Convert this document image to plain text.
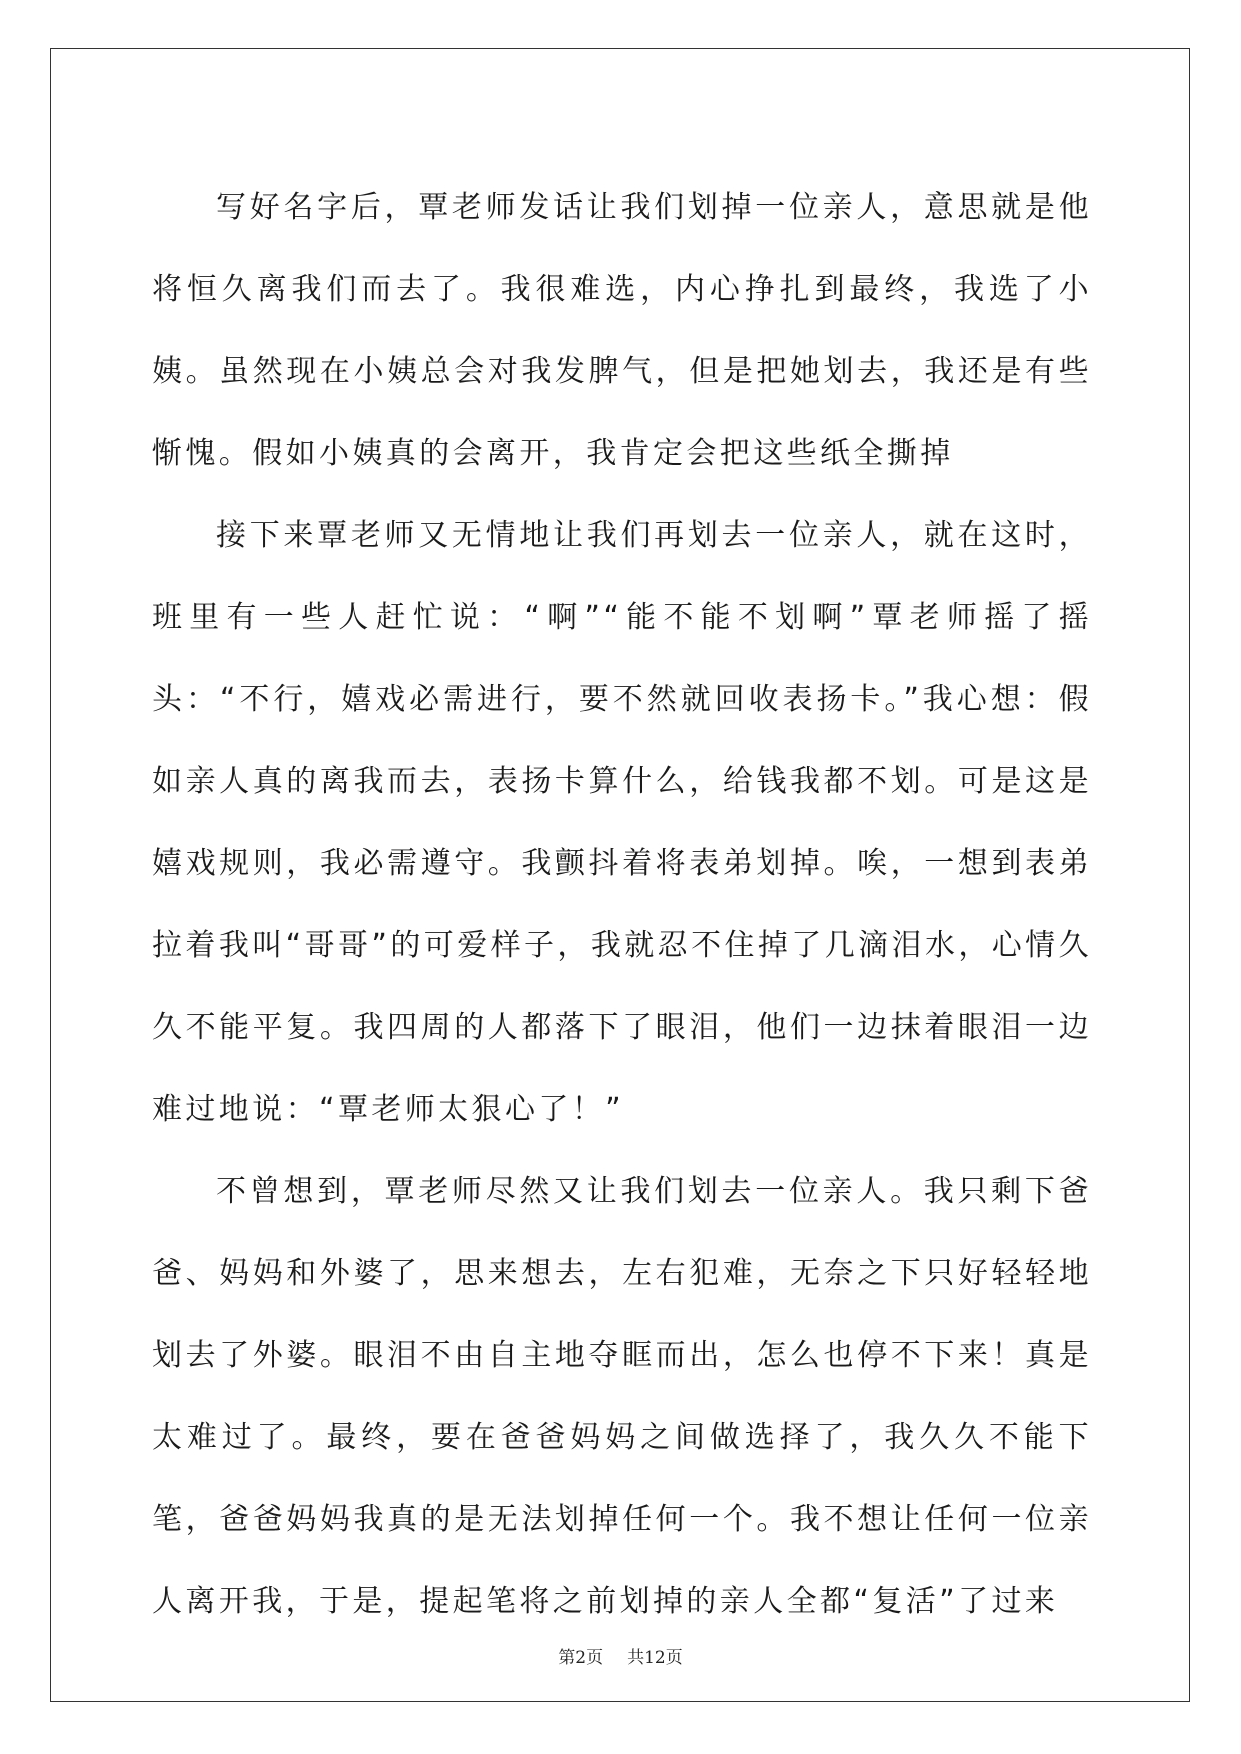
写好名字后，覃老师发话让我们划掉一位亲人，意思就是他将恒久离我们而去了。我很难选，内心挣扎到最终，我选了小姨。虽然现在小姨总会对我发脾气，但是把她划去，我还是有些惭愧。假如小姨真的会离开，我肯定会把这些纸全撕掉

接下来覃老师又无情地让我们再划去一位亲人，就在这时，班里有一些人赶忙说：“啊”“能不能不划啊”覃老师摇了摇头：“不行，嬉戏必需进行，要不然就回收表扬卡。”我心想：假如亲人真的离我而去，表扬卡算什么，给钱我都不划。可是这是嬉戏规则，我必需遵守。我颤抖着将表弟划掉。唉，一想到表弟拉着我叫“哥哥”的可爱样子，我就忍不住掉了几滴泪水，心情久久不能平复。我四周的人都落下了眼泪，他们一边抹着眼泪一边难过地说：“覃老师太狠心了！”

不曾想到，覃老师尽然又让我们划去一位亲人。我只剩下爸爸、妈妈和外婆了，思来想去，左右犯难，无奈之下只好轻轻地划去了外婆。眼泪不由自主地夺眶而出，怎么也停不下来！真是太难过了。最终，要在爸爸妈妈之间做选择了，我久久不能下笔，爸爸妈妈我真的是无法划掉任何一个。我不想让任何一位亲人离开我，于是，提起笔将之前划掉的亲人全都“复活”了过来

第2页 共12页
